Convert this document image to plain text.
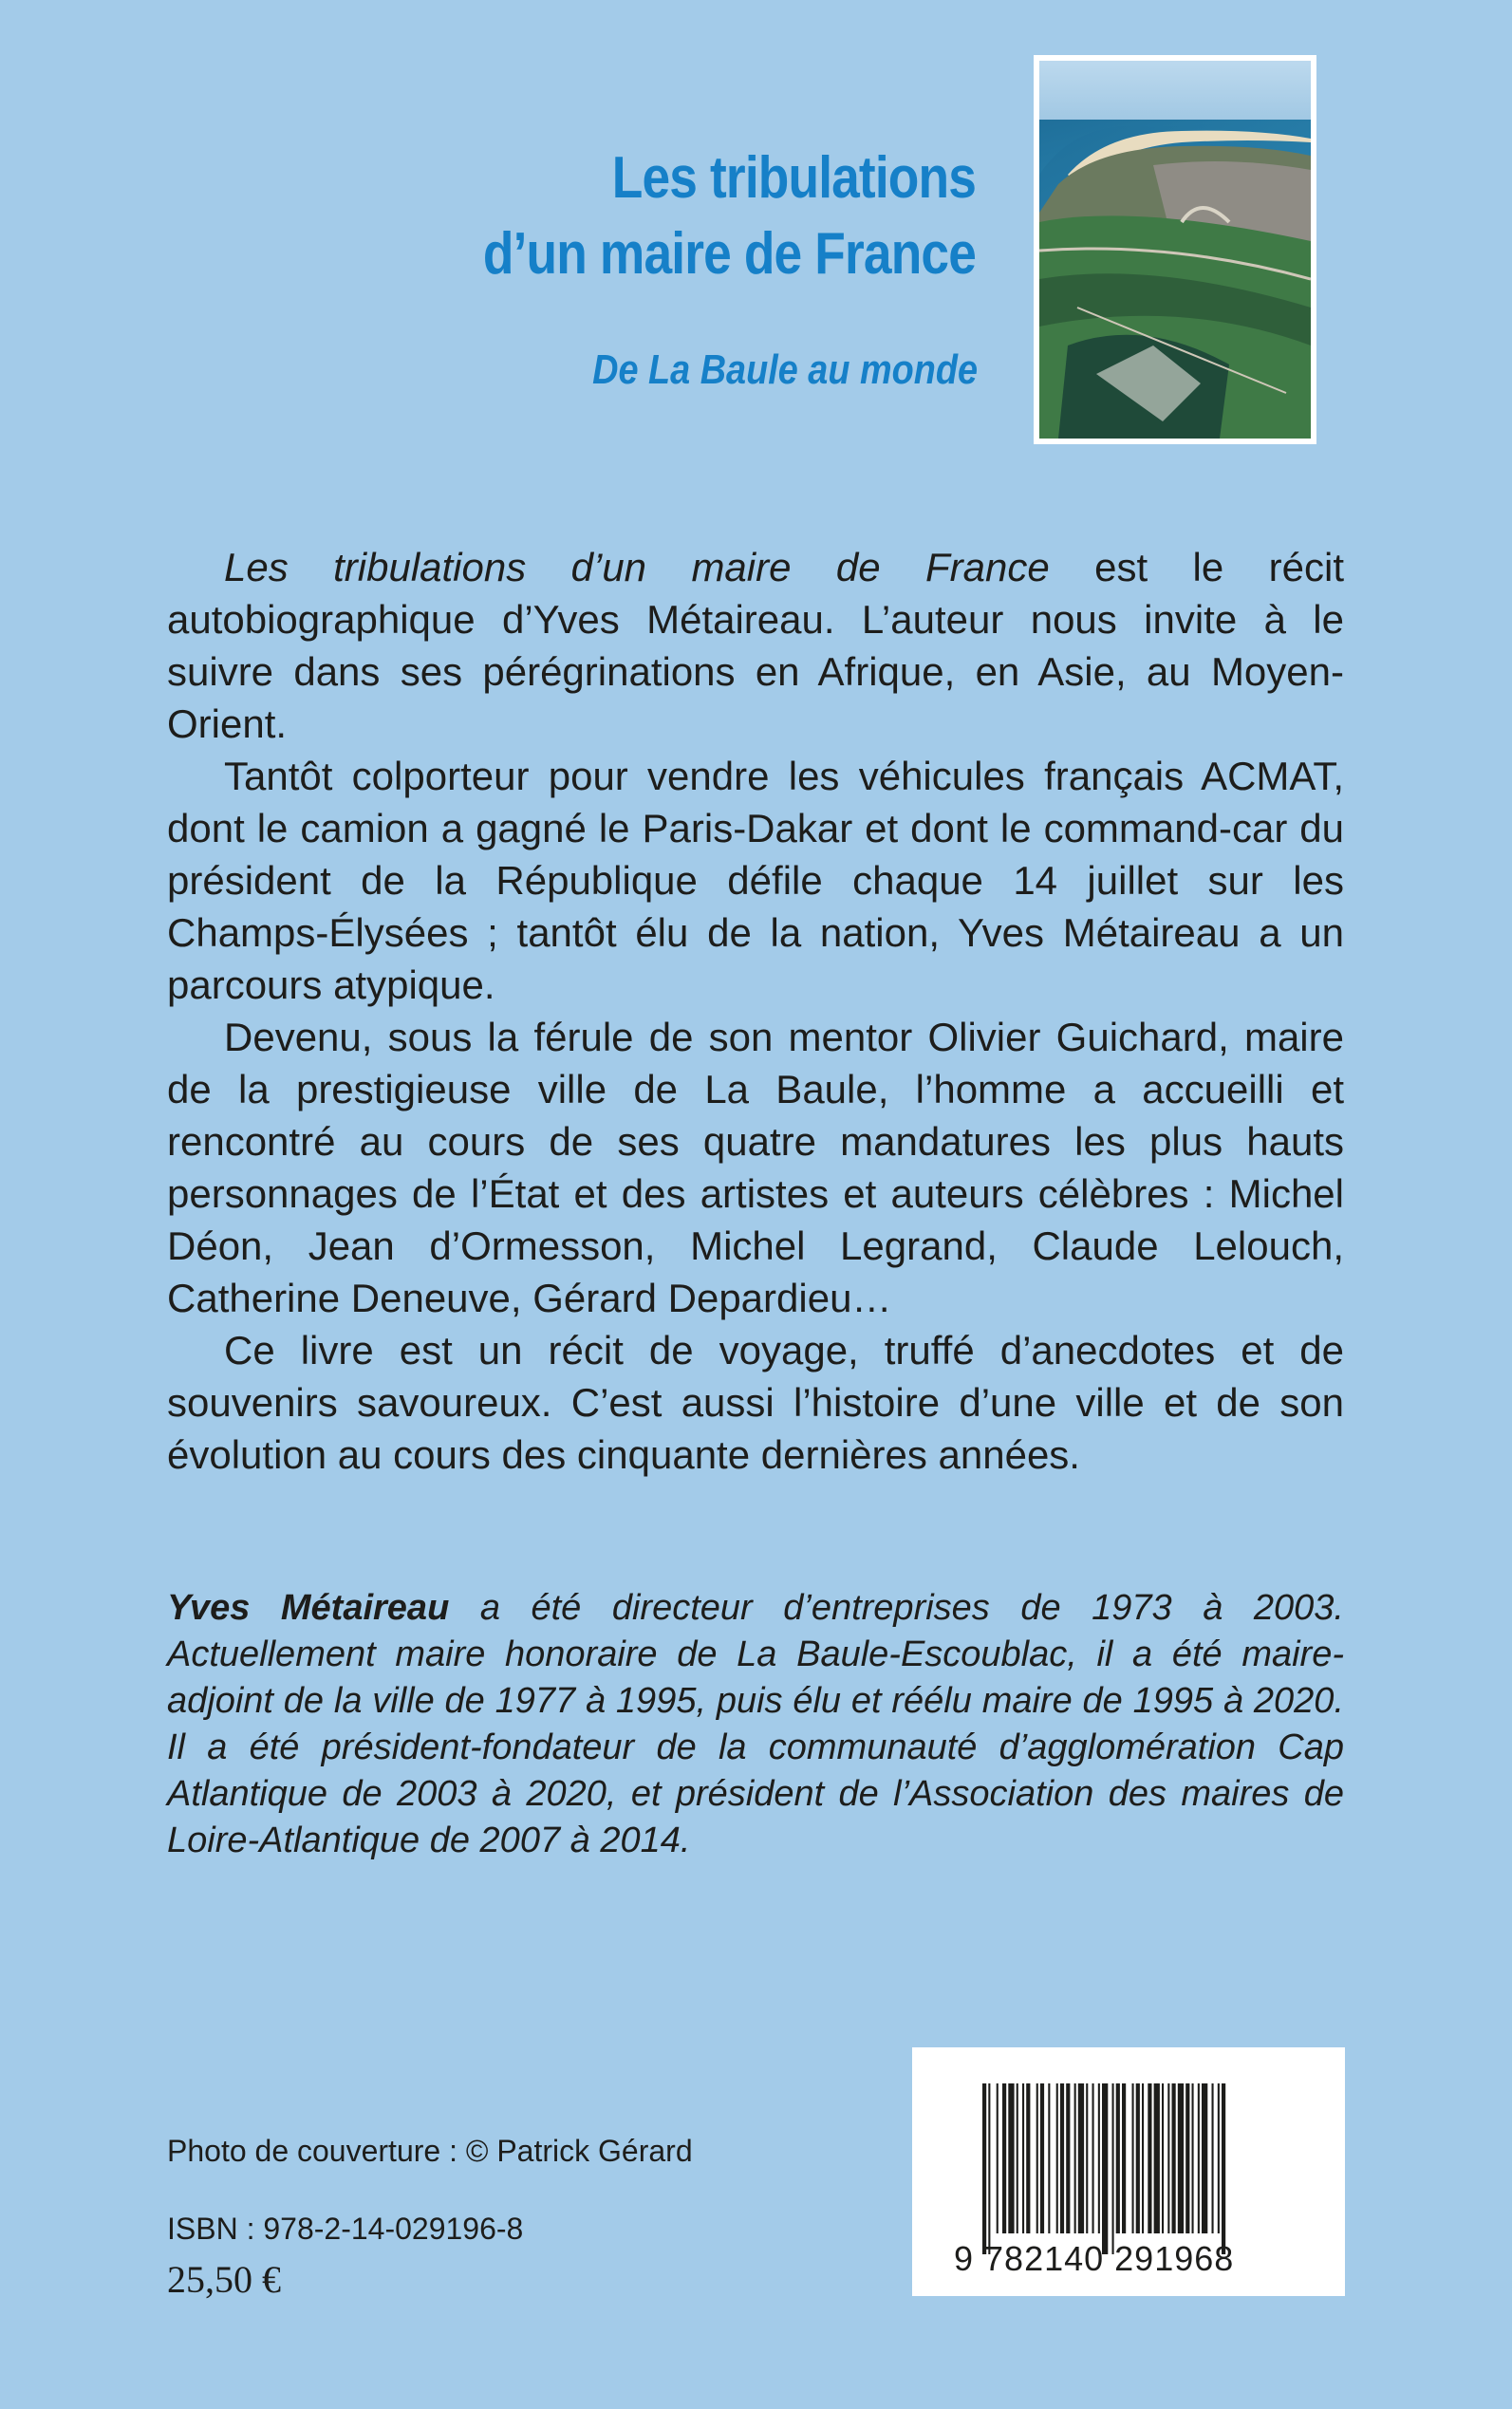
Les tribulations
d’un maire de France
De La Baule au monde

Les tribulations d’un maire de France est le récit autobiographique d’Yves Métaireau. L’auteur nous invite à le suivre dans ses pérégrinations en Afrique, en Asie, au Moyen-Orient.

Tantôt colporteur pour vendre les véhicules français ACMAT, dont le camion a gagné le Paris-Dakar et dont le command-car du président de la République défile chaque 14 juillet sur les Champs-Élysées ; tantôt élu de la nation, Yves Métaireau a un parcours atypique.

Devenu, sous la férule de son mentor Olivier Guichard, maire de la prestigieuse ville de La Baule, l’homme a accueilli et rencontré au cours de ses quatre mandatures les plus hauts personnages de l’État et des artistes et auteurs célèbres : Michel Déon, Jean d’Ormesson, Michel Legrand, Claude Lelouch, Catherine Deneuve, Gérard Depardieu…

Ce livre est un récit de voyage, truffé d’anecdotes et de souvenirs savoureux. C’est aussi l’histoire d’une ville et de son évolution au cours des cinquante dernières années.

Yves Métaireau a été directeur d’entreprises de 1973 à 2003. Actuellement maire honoraire de La Baule-Escoublac, il a été maire-adjoint de la ville de 1977 à 1995, puis élu et réélu maire de 1995 à 2020. Il a été président-fondateur de la communauté d’agglomération Cap Atlantique de 2003 à 2020, et président de l’Association des maires de Loire-Atlantique de 2007 à 2014.

Photo de couverture : © Patrick Gérard

ISBN : 978-2-14-029196-8

25,50 €	9 782140 291968
